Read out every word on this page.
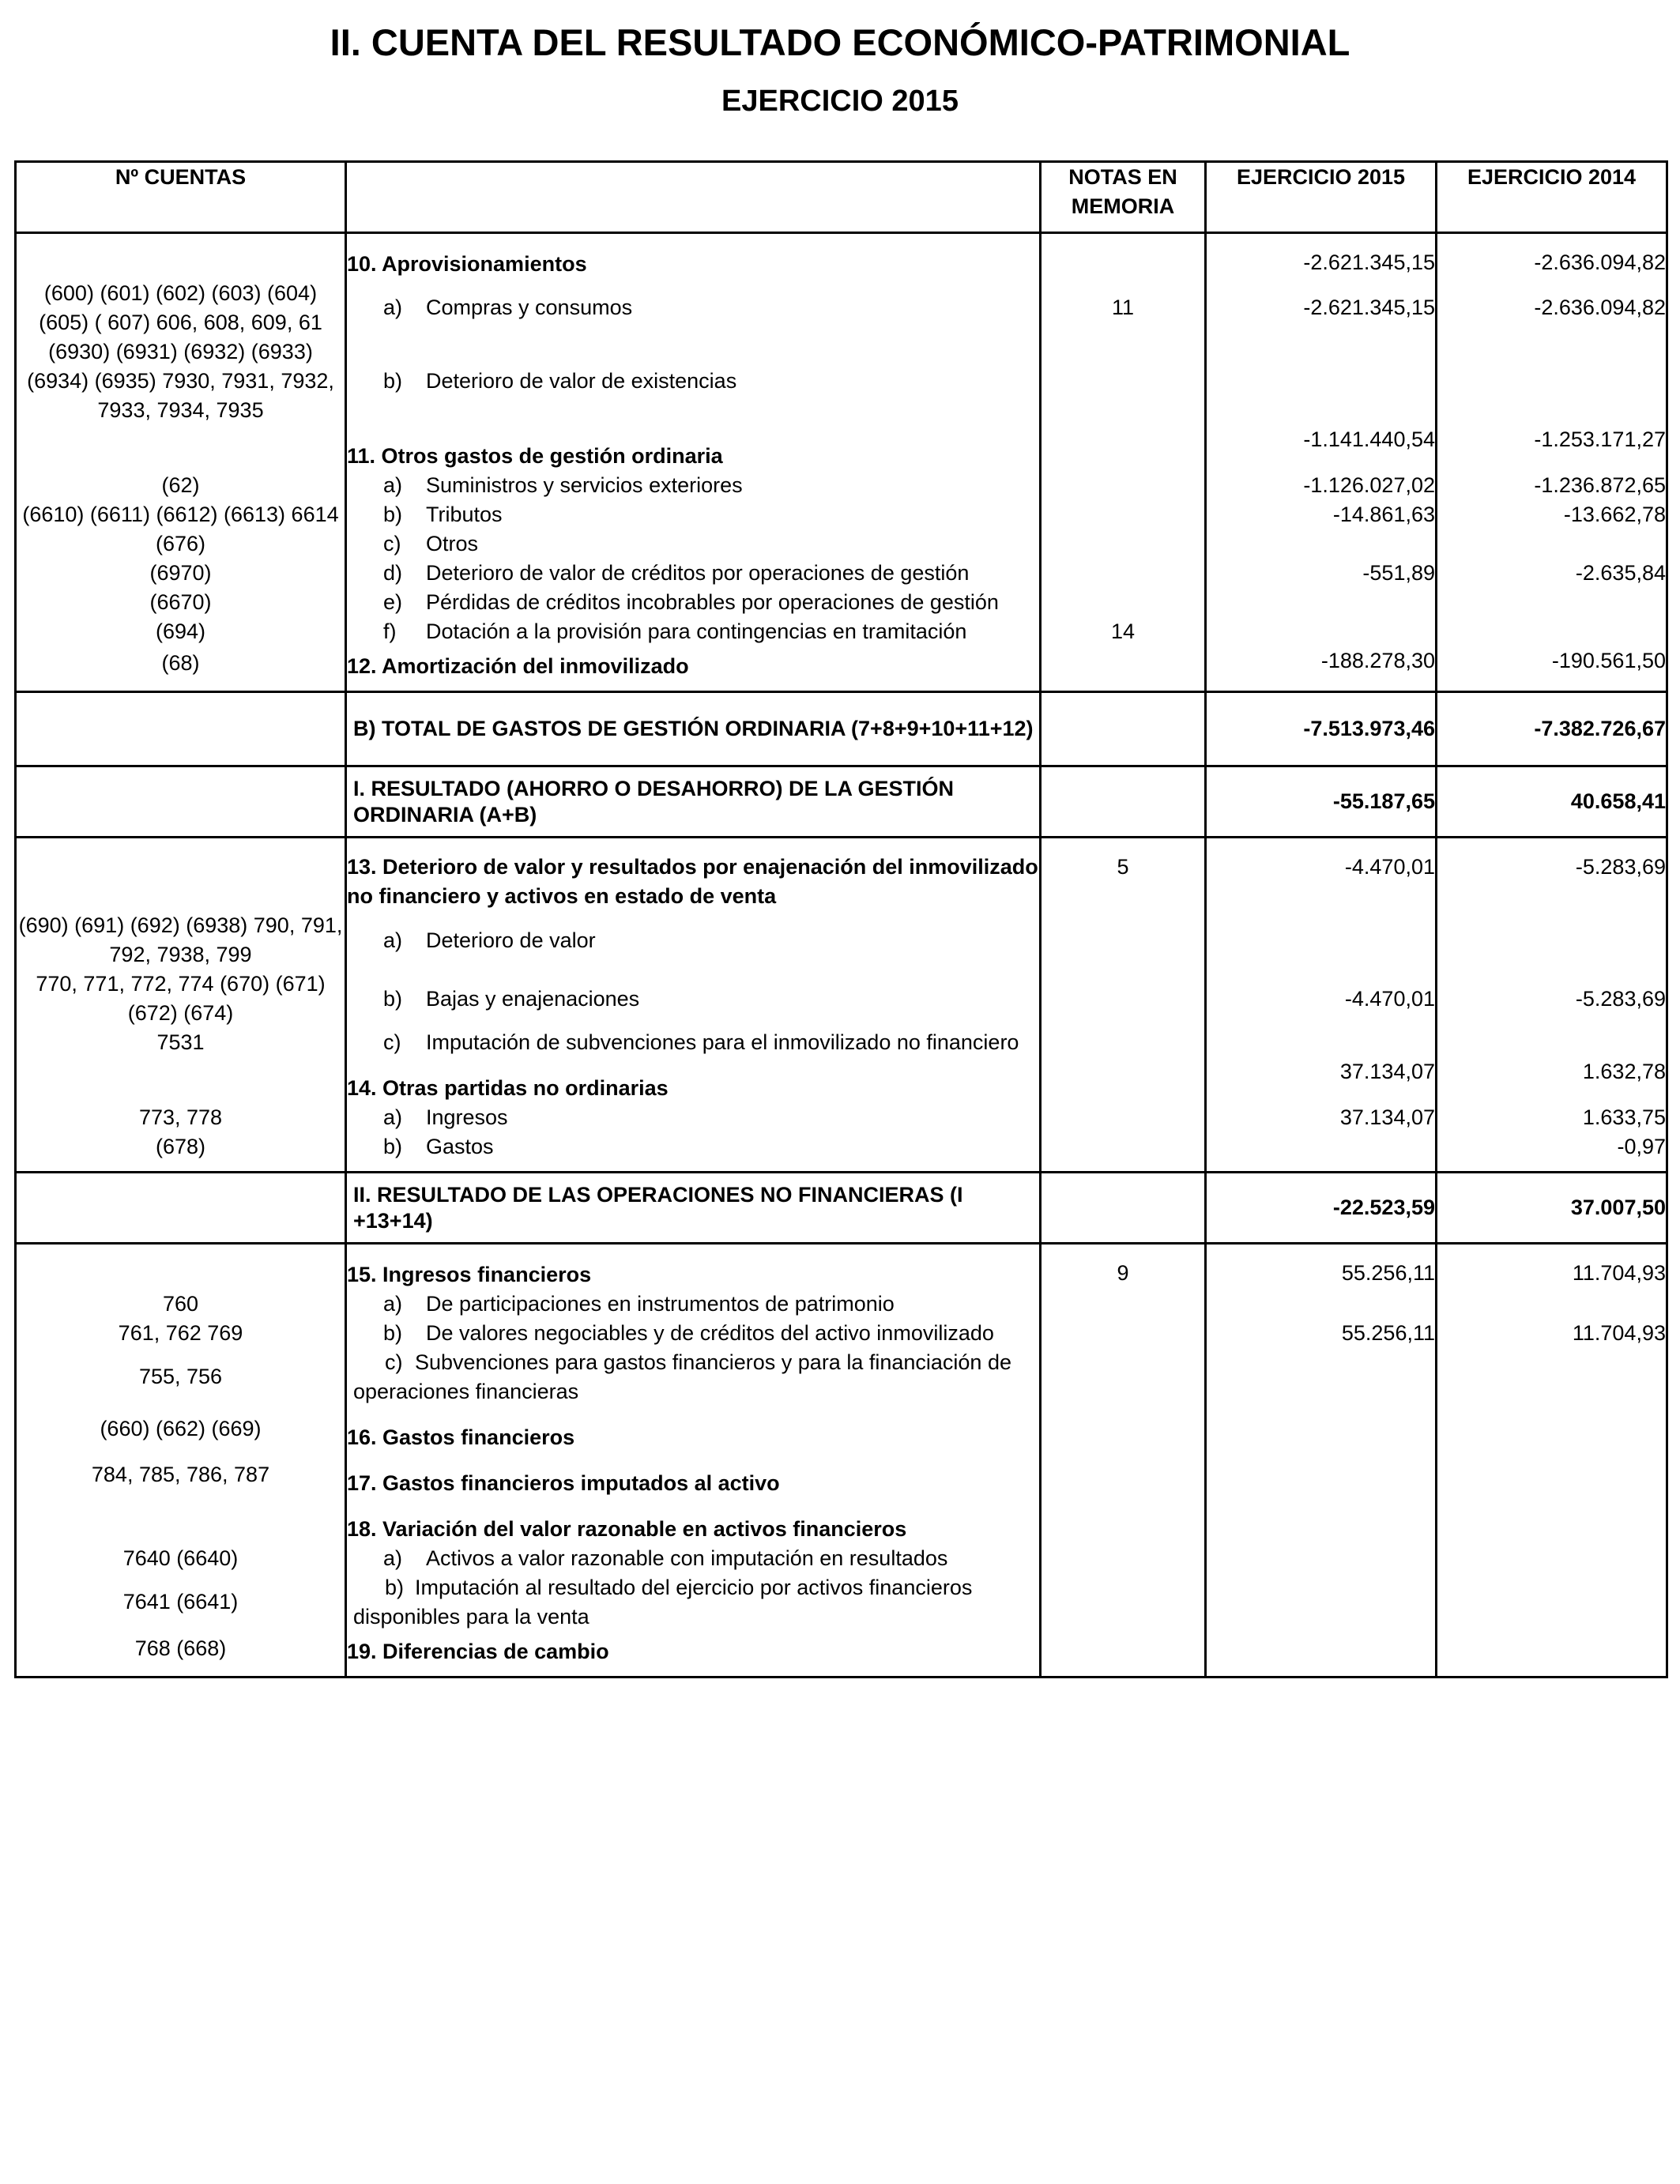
II. CUENTA DEL RESULTADO ECONÓMICO-PATRIMONIAL
EJERCICIO 2015
Nº CUENTAS		NOTAS EN MEMORIA	EJERCICIO 2015	EJERCICIO 2014
	10. Aprovisionamientos		-2.621.345,15	-2.636.094,82
(600) (601) (602) (603) (604) (605) ( 607) 606, 608, 609, 61	a) Compras y consumos	11	-2.621.345,15	-2.636.094,82
(6930) (6931) (6932) (6933) (6934) (6935) 7930, 7931, 7932, 7933, 7934, 7935	b) Deterioro de valor de existencias			
	11. Otros gastos de gestión ordinaria		-1.141.440,54	-1.253.171,27
(62)	a) Suministros y servicios exteriores		-1.126.027,02	-1.236.872,65
(6610) (6611) (6612) (6613) 6614	b) Tributos		-14.861,63	-13.662,78
(676)	c) Otros			
(6970)	d) Deterioro de valor de créditos por operaciones de gestión		-551,89	-2.635,84
(6670)	e) Pérdidas de créditos incobrables por operaciones de gestión			
(694)	f) Dotación a la provisión para contingencias en tramitación	14		
(68)	12. Amortización del inmovilizado		-188.278,30	-190.561,50
	B) TOTAL DE GASTOS DE GESTIÓN ORDINARIA (7+8+9+10+11+12)		-7.513.973,46	-7.382.726,67
	I. RESULTADO (AHORRO O DESAHORRO) DE LA GESTIÓN ORDINARIA (A+B)		-55.187,65	40.658,41
	13. Deterioro de valor y resultados por enajenación del inmovilizado no financiero y activos en estado de venta	5	-4.470,01	-5.283,69
(690) (691) (692) (6938) 790, 791, 792, 7938, 799	a) Deterioro de valor			
770, 771, 772, 774 (670) (671) (672) (674)	b) Bajas y enajenaciones		-4.470,01	-5.283,69
7531	c) Imputación de subvenciones para el inmovilizado no financiero			
	14. Otras partidas no ordinarias		37.134,07	1.632,78
773, 778	a) Ingresos		37.134,07	1.633,75
(678)	b) Gastos			-0,97
	II. RESULTADO DE LAS OPERACIONES NO FINANCIERAS (I +13+14)		-22.523,59	37.007,50
	15. Ingresos financieros	9	55.256,11	11.704,93
760	a) De participaciones en instrumentos de patrimonio			
761, 762 769	b) De valores negociables y de créditos del activo inmovilizado		55.256,11	11.704,93
755, 756	c) Subvenciones para gastos financieros y para la financiación de operaciones financieras			
(660) (662) (669)	16. Gastos financieros			
784, 785, 786, 787	17. Gastos financieros imputados al activo			
	18. Variación del valor razonable en activos financieros			
7640 (6640)	a) Activos a valor razonable con imputación en resultados			
7641 (6641)	b) Imputación al resultado del ejercicio por activos financieros disponibles para la venta			
768 (668)	19. Diferencias de cambio			
